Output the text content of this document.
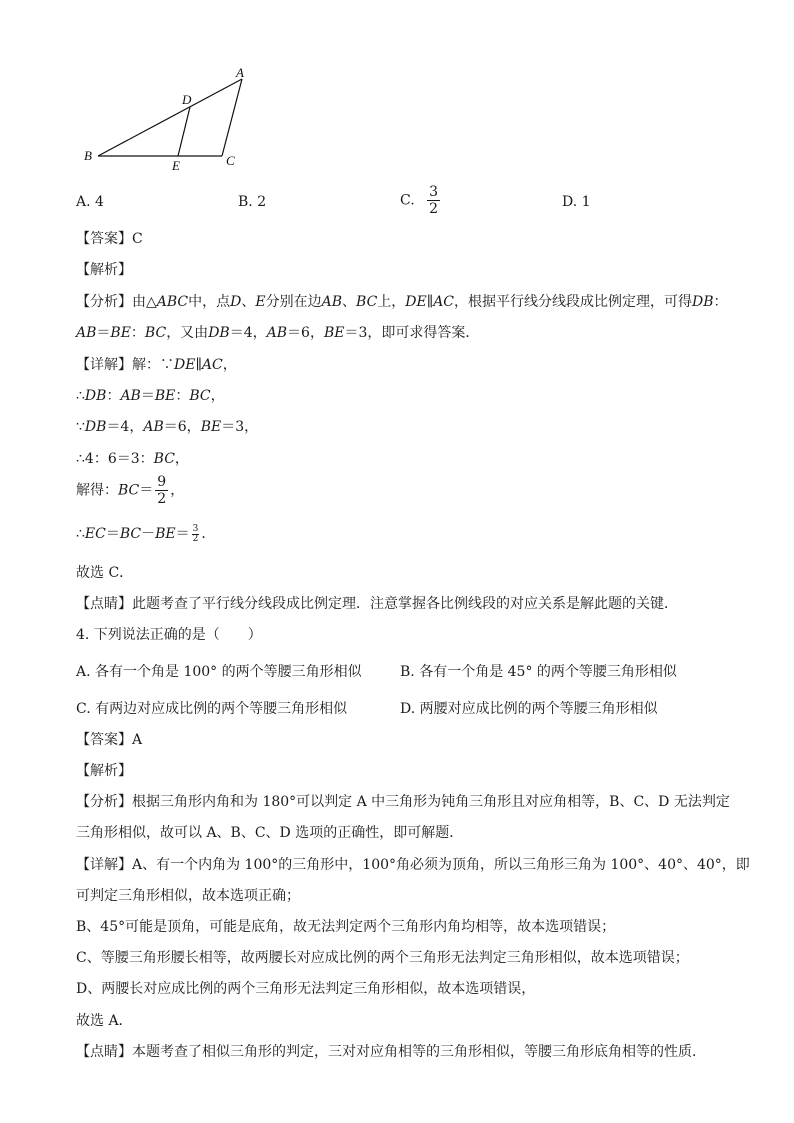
A
B	C
D
E
A. 4	B. 2	C. $\frac{3}{2}$	D. 1
【答案】C
【解析】
【分析】由△ABC中，点D、E分别在边AB、BC上，DE∥AC，根据平行线分线段成比例定理，可得DB：
AB＝BE：BC，又由DB＝4，AB＝6，BE＝3，即可求得答案．
【详解】解：∵DE∥AC，
∴DB：AB＝BE：BC，
∵DB＝4，AB＝6，BE＝3，
∴4：6＝3：BC，
解得：$BC= \frac{9}{2}$ ，
∴EC＝BC－BE＝ $\frac{3}{2}$ ．
故选 C．
【点睛】此题考查了平行线分线段成比例定理．注意掌握各比例线段的对应关系是解此题的关键．
4. 下列说法正确的是（　　）
A. 各有一个角是 100° 的两个等腰三角形相似	B. 各有一个角是 45° 的两个等腰三角形相似
C. 有两边对应成比例的两个等腰三角形相似	D. 两腰对应成比例的两个等腰三角形相似
【答案】A
【解析】
【分析】根据三角形内角和为 180°可以判定 A 中三角形为钝角三角形且对应角相等，B、C、D 无法判定
三角形相似，故可以 A、B、C、D 选项的正确性，即可解题．
【详解】A、有一个内角为 100°的三角形中，100°角必须为顶角，所以三角形三角为 100°、40°、40°，即
可判定三角形相似，故本选项正确；
B、45°可能是顶角，可能是底角，故无法判定两个三角形内角均相等，故本选项错误；
C、等腰三角形腰长相等，故两腰长对应成比例的两个三角形无法判定三角形相似，故本选项错误；
D、两腰长对应成比例的两个三角形无法判定三角形相似，故本选项错误，
故选 A．
【点睛】本题考查了相似三角形的判定，三对对应角相等的三角形相似，等腰三角形底角相等的性质．
